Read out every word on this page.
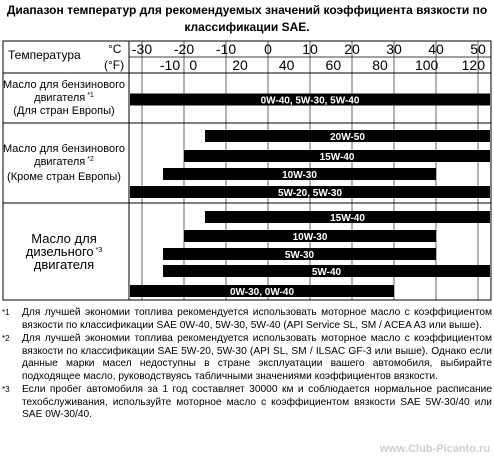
Диапазон температур для рекомендуемых значений коэффициента вязкости по классификации SAE.
Температура °C
(°F)
-30 -20 -10 0 10 20 30 40 50
-10 0 20 40 60 80 100 120
Масло для бензинового
двигателя $^{*1}$
(Для стран Европы)
Масло для бензинового
двигателя $^{*2}$
(Кроме стран Европы)
Масло для
дизельного $^{*3}$
двигателя
0W-40, 5W-30, 5W-40
20W-50
15W-40
10W-30
5W-20, 5W-30
15W-40
10W-30
5W-30
5W-40
0W-30, 0W-40
*1 Для лучшей экономии топлива рекомендуется использовать моторное масло с коэффициентом вязкости по классификации SAE 0W-40, 5W-30, 5W-40 (API Service SL, SM / ACEA A3 или выше).
*2 Для лучшей экономии топлива рекомендуется использовать моторное масло с коэффициентом вязкости по классификации SAE 5W-20, 5W-30 (API SL, SM / ILSAC GF-3 или выше). Однако если данные марки масел недоступны в стране эксплуатации вашего автомобиля, выбирайте подходящее масло, руководствуясь табличными значениями коэффициентов вязкости.
*3 Если пробег автомобиля за 1 год составляет 30000 км и соблюдается нормальное расписание техобслуживания, используйте моторное масло с коэффициентом вязкости SAE 5W-30/40 или SAE 0W-30/40.
www.Club-Picanto.ru
